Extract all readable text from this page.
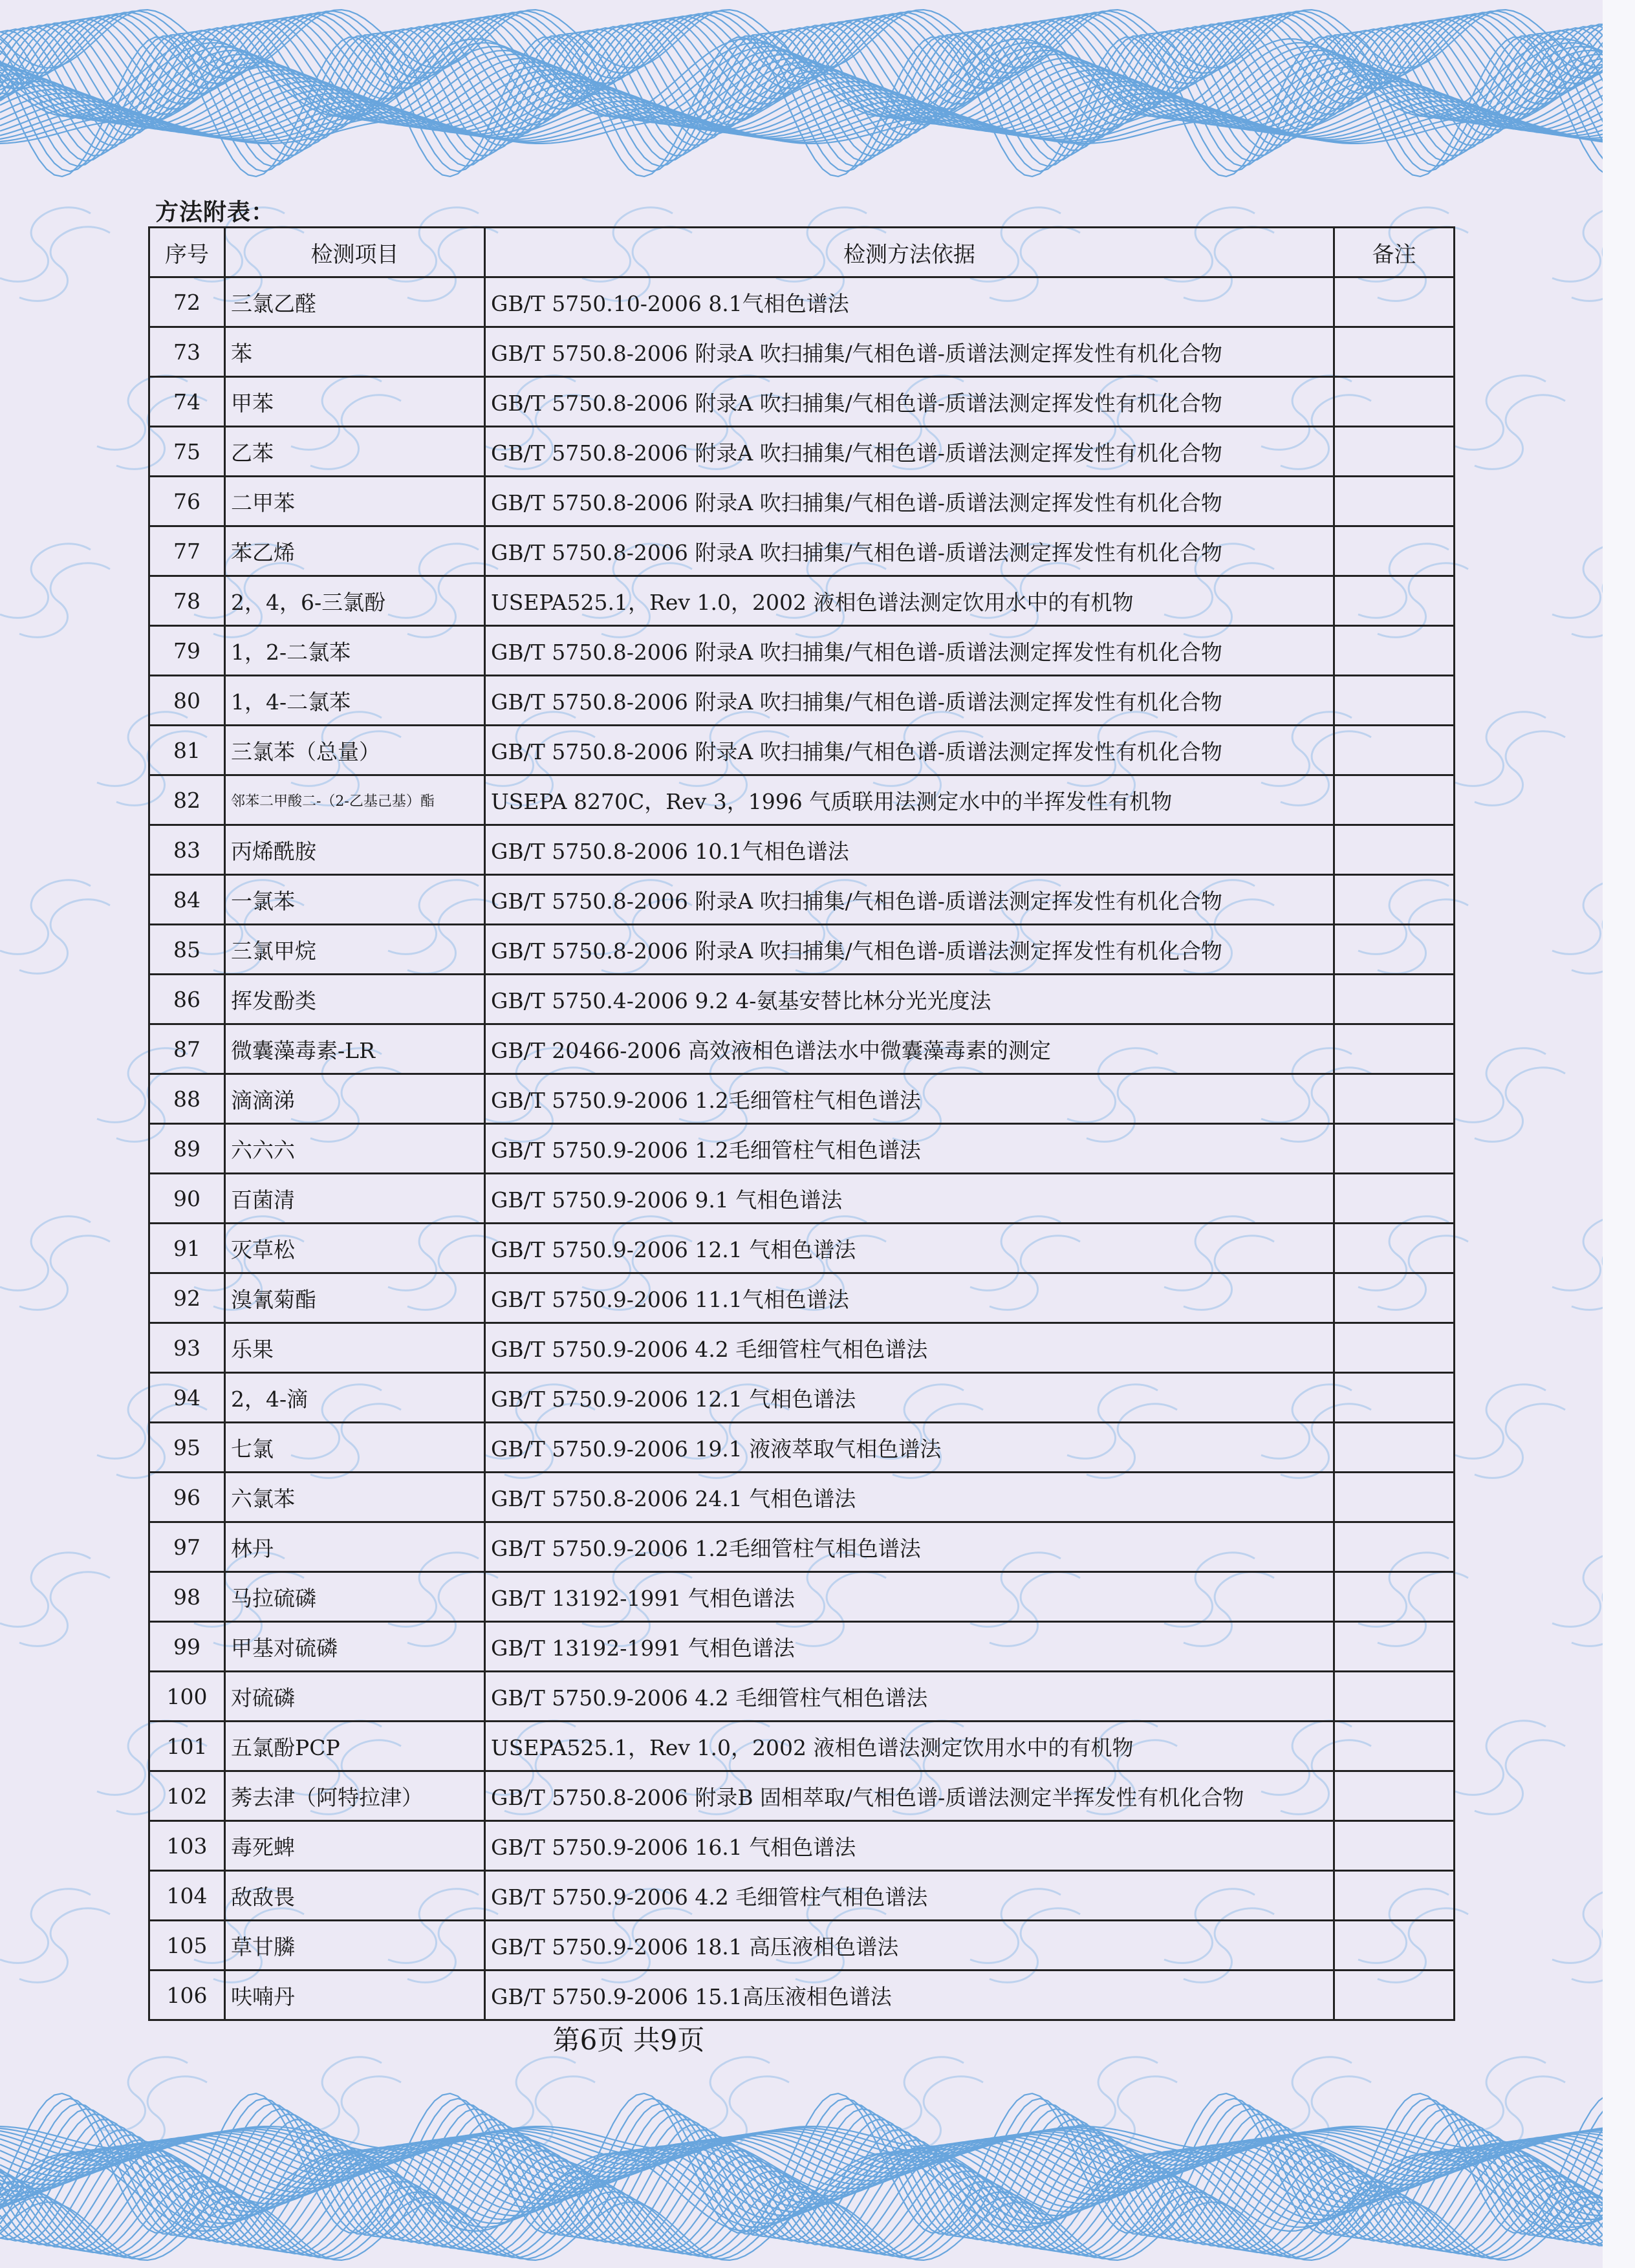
方法附表：
序号	检测项目	检测方法依据	备注
72	三氯乙醛	GB/T 5750.10-2006 8.1气相色谱法	
73	苯	GB/T 5750.8-2006 附录A 吹扫捕集/气相色谱-质谱法测定挥发性有机化合物	
74	甲苯	GB/T 5750.8-2006 附录A 吹扫捕集/气相色谱-质谱法测定挥发性有机化合物	
75	乙苯	GB/T 5750.8-2006 附录A 吹扫捕集/气相色谱-质谱法测定挥发性有机化合物	
76	二甲苯	GB/T 5750.8-2006 附录A 吹扫捕集/气相色谱-质谱法测定挥发性有机化合物	
77	苯乙烯	GB/T 5750.8-2006 附录A 吹扫捕集/气相色谱-质谱法测定挥发性有机化合物	
78	2，4，6-三氯酚	USEPA525.1，Rev 1.0，2002 液相色谱法测定饮用水中的有机物	
79	1，2-二氯苯	GB/T 5750.8-2006 附录A 吹扫捕集/气相色谱-质谱法测定挥发性有机化合物	
80	1，4-二氯苯	GB/T 5750.8-2006 附录A 吹扫捕集/气相色谱-质谱法测定挥发性有机化合物	
81	三氯苯（总量）	GB/T 5750.8-2006 附录A 吹扫捕集/气相色谱-质谱法测定挥发性有机化合物	
82	邻苯二甲酸二-（2-乙基己基）酯	USEPA 8270C，Rev 3，1996 气质联用法测定水中的半挥发性有机物	
83	丙烯酰胺	GB/T 5750.8-2006 10.1气相色谱法	
84	一氯苯	GB/T 5750.8-2006 附录A 吹扫捕集/气相色谱-质谱法测定挥发性有机化合物	
85	三氯甲烷	GB/T 5750.8-2006 附录A 吹扫捕集/气相色谱-质谱法测定挥发性有机化合物	
86	挥发酚类	GB/T 5750.4-2006 9.2 4-氨基安替比林分光光度法	
87	微囊藻毒素-LR	GB/T 20466-2006 高效液相色谱法水中微囊藻毒素的测定	
88	滴滴涕	GB/T 5750.9-2006 1.2毛细管柱气相色谱法	
89	六六六	GB/T 5750.9-2006 1.2毛细管柱气相色谱法	
90	百菌清	GB/T 5750.9-2006 9.1 气相色谱法	
91	灭草松	GB/T 5750.9-2006 12.1 气相色谱法	
92	溴氰菊酯	GB/T 5750.9-2006 11.1气相色谱法	
93	乐果	GB/T 5750.9-2006 4.2 毛细管柱气相色谱法	
94	2，4-滴	GB/T 5750.9-2006 12.1 气相色谱法	
95	七氯	GB/T 5750.9-2006 19.1 液液萃取气相色谱法	
96	六氯苯	GB/T 5750.8-2006 24.1 气相色谱法	
97	林丹	GB/T 5750.9-2006 1.2毛细管柱气相色谱法	
98	马拉硫磷	GB/T 13192-1991 气相色谱法	
99	甲基对硫磷	GB/T 13192-1991 气相色谱法	
100	对硫磷	GB/T 5750.9-2006 4.2 毛细管柱气相色谱法	
101	五氯酚PCP	USEPA525.1，Rev 1.0，2002 液相色谱法测定饮用水中的有机物	
102	莠去津（阿特拉津）	GB/T 5750.8-2006 附录B 固相萃取/气相色谱-质谱法测定半挥发性有机化合物	
103	毒死蜱	GB/T 5750.9-2006 16.1 气相色谱法	
104	敌敌畏	GB/T 5750.9-2006 4.2 毛细管柱气相色谱法	
105	草甘膦	GB/T 5750.9-2006 18.1 高压液相色谱法	
106	呋喃丹	GB/T 5750.9-2006 15.1高压液相色谱法	
第6页 共9页
